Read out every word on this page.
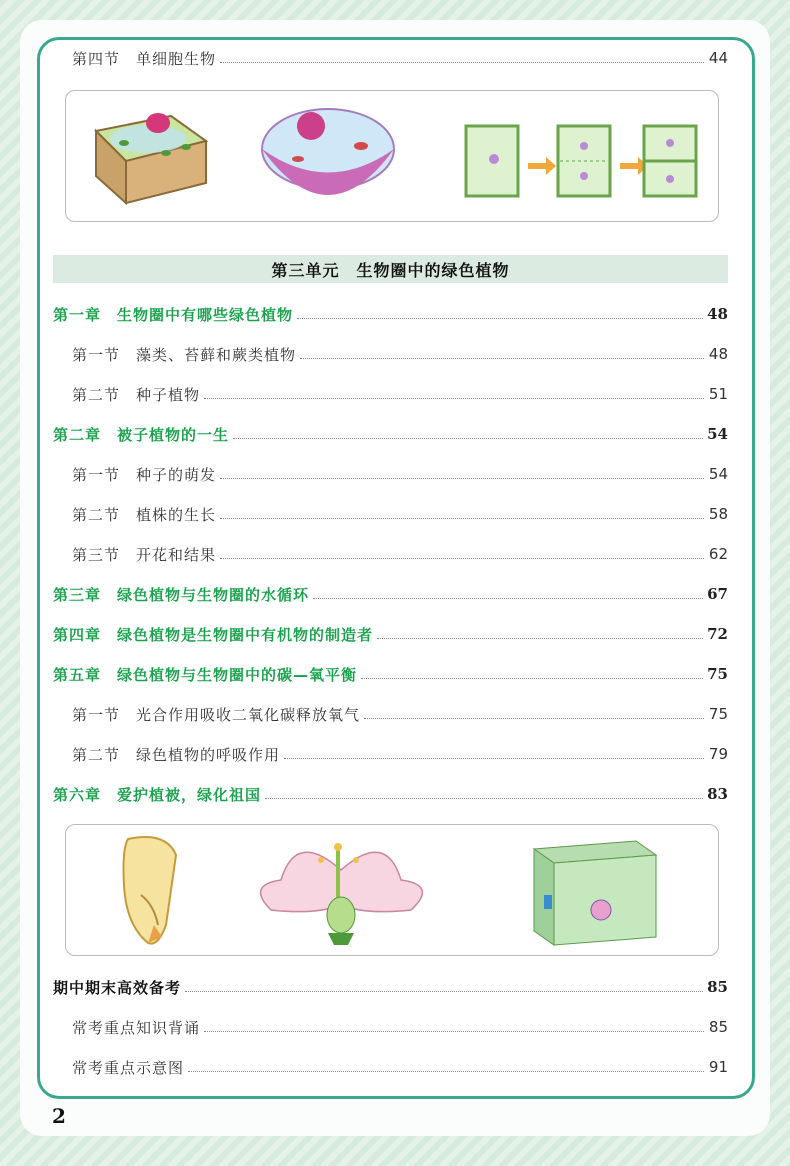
第四节　单细胞生物	44
第三单元　生物圈中的绿色植物
第一章　生物圈中有哪些绿色植物	48
第一节　藻类、苔藓和蕨类植物	48
第二节　种子植物	51
第二章　被子植物的一生	54
第一节　种子的萌发	54
第二节　植株的生长	58
第三节　开花和结果	62
第三章　绿色植物与生物圈的水循环	67
第四章　绿色植物是生物圈中有机物的制造者	72
第五章　绿色植物与生物圈中的碳—氧平衡	75
第一节　光合作用吸收二氧化碳释放氧气	75
第二节　绿色植物的呼吸作用	79
第六章　爱护植被，绿化祖国	83
期中期末高效备考	85
常考重点知识背诵	85
常考重点示意图	91
2
